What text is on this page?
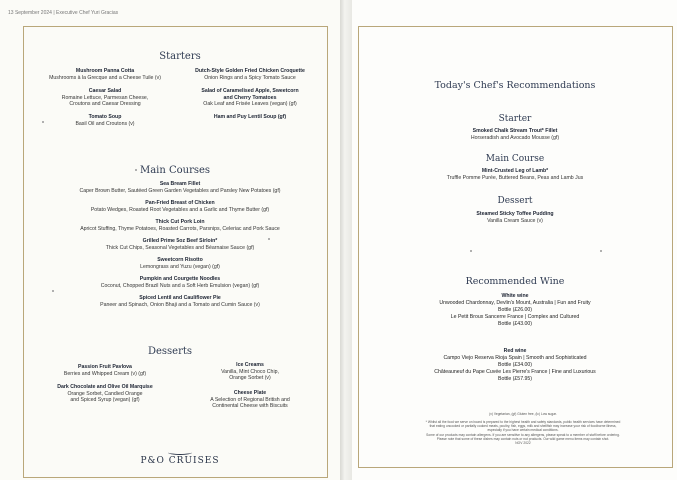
13 September 2024 | Executive Chef Yuri Gracias
Starters
Mushroom Panna Cotta
Mushrooms à la Grecque and a Cheese Tuile (v)
Caesar Salad
Romaine Lettuce, Parmesan Cheese,
Croutons and Caesar Dressing
Tomato Soup
Basil Oil and Croutons (v)
Dutch-Style Golden Fried Chicken Croquette
Onion Rings and a Spicy Tomato Sauce
Salad of Caramelised Apple, Sweetcorn
and Cherry Tomatoes
Oak Leaf and Frisée Leaves (vegan) (gf)
Ham and Puy Lentil Soup (gf)
Main Courses
Sea Bream Fillet
Caper Brown Butter, Sautéed Green Garden Vegetables and Parsley New Potatoes (gf)
Pan-Fried Breast of Chicken
Potato Wedges, Roasted Root Vegetables and a Garlic and Thyme Butter (gf)
Thick Cut Pork Loin
Apricot Stuffing, Thyme Potatoes, Roasted Carrots, Parsnips, Celeriac and Pork Sauce
Grilled Prime 5oz Beef Sirloin*
Thick Cut Chips, Seasonal Vegetables and Béarnaise Sauce (gf)
Sweetcorn Risotto
Lemongrass and Yuzu (vegan) (gf)
Pumpkin and Courgette Noodles
Coconut, Chopped Brazil Nuts and a Soft Herb Emulsion (vegan) (gf)
Spiced Lentil and Cauliflower Pie
Paneer and Spinach, Onion Bhaji and a Tomato and Cumin Sauce (v)
Desserts
Passion Fruit Pavlova
Berries and Whipped Cream (v) (gf)
Dark Chocolate and Olive Oil Marquise
Orange Sorbet, Candied Orange
and Spiced Syrup (vegan) (gf)
Ice Creams
Vanilla, Mint Choco Chip,
Orange Sorbet (v)
Cheese Plate
A Selection of Regional British and
Continental Cheese with Biscuits
P&O CRUISES
Today's Chef's Recommendations
Starter
Smoked Chalk Stream Trout* Fillet
Horseradish and Avocado Mousse (gf)
Main Course
Mint-Crusted Leg of Lamb*
Truffle Pomme Purée, Buttered Beans, Peas and Lamb Jus
Dessert
Steamed Sticky Toffee Pudding
Vanilla Cream Sauce (v)
Recommended Wine
White wine
Unwooded Chardonnay, Devlin's Mount, Australia | Fun and Fruity
Bottle (£26.00)
Le Petit Broux Sancerre France | Complex and Cultured
Bottle (£43.00)
Red wine
Campo Viejo Reserva Rioja Spain | Smooth and Sophisticated
Bottle (£34.00)
Châteauneuf du Pape Cuvée Les Pierre's France | Fine and Luxurious
Bottle (£57.95)
(v) Vegetarian, (gf) Gluten free, (lc) Low sugar.
* Whilst all the food we serve on board is prepared to the highest health and safety standards, public health services have determined
that eating uncooked or partially cooked meats, poultry, fish, eggs, milk and shellfish may increase your risk of foodborne illness,
especially if you have certain medical conditions.
Some of our products may contain allergens. If you are sensitive to any allergens, please speak to a member of staff before ordering.
Please note that some of these dishes may contain nuts or nut products. Our wild game menu items may contain shot.
NOV 2022
